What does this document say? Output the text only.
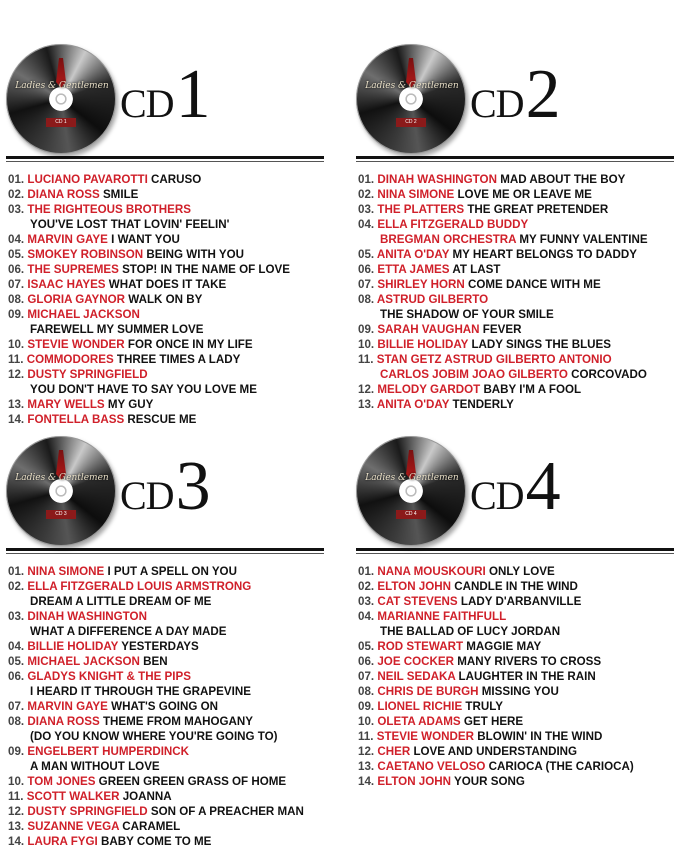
Ladies & Gentlemen
CD 1 CD1
01. LUCIANO PAVAROTTI CARUSO
02. DIANA ROSS SMILE
03. THE RIGHTEOUS BROTHERS
YOU'VE LOST THAT LOVIN' FEELIN'
04. MARVIN GAYE I WANT YOU
05. SMOKEY ROBINSON BEING WITH YOU
06. THE SUPREMES STOP! IN THE NAME OF LOVE
07. ISAAC HAYES WHAT DOES IT TAKE
08. GLORIA GAYNOR WALK ON BY
09. MICHAEL JACKSON
FAREWELL MY SUMMER LOVE
10. STEVIE WONDER FOR ONCE IN MY LIFE
11. COMMODORES THREE TIMES A LADY
12. DUSTY SPRINGFIELD
YOU DON'T HAVE TO SAY YOU LOVE ME
13. MARY WELLS MY GUY
14. FONTELLA BASS RESCUE ME
Ladies & Gentlemen
CD 2 CD2
01. DINAH WASHINGTON MAD ABOUT THE BOY
02. NINA SIMONE LOVE ME OR LEAVE ME
03. THE PLATTERS THE GREAT PRETENDER
04. ELLA FITZGERALD BUDDY
BREGMAN ORCHESTRA MY FUNNY VALENTINE
05. ANITA O'DAY MY HEART BELONGS TO DADDY
06. ETTA JAMES AT LAST
07. SHIRLEY HORN COME DANCE WITH ME
08. ASTRUD GILBERTO
THE SHADOW OF YOUR SMILE
09. SARAH VAUGHAN FEVER
10. BILLIE HOLIDAY LADY SINGS THE BLUES
11. STAN GETZ ASTRUD GILBERTO ANTONIO
CARLOS JOBIM JOAO GILBERTO CORCOVADO
12. MELODY GARDOT BABY I'M A FOOL
13. ANITA O'DAY TENDERLY
Ladies & Gentlemen
CD 3 CD3
01. NINA SIMONE I PUT A SPELL ON YOU
02. ELLA FITZGERALD LOUIS ARMSTRONG
DREAM A LITTLE DREAM OF ME
03. DINAH WASHINGTON
WHAT A DIFFERENCE A DAY MADE
04. BILLIE HOLIDAY YESTERDAYS
05. MICHAEL JACKSON BEN
06. GLADYS KNIGHT & THE PIPS
I HEARD IT THROUGH THE GRAPEVINE
07. MARVIN GAYE WHAT'S GOING ON
08. DIANA ROSS THEME FROM MAHOGANY
(DO YOU KNOW WHERE YOU'RE GOING TO)
09. ENGELBERT HUMPERDINCK
A MAN WITHOUT LOVE
10. TOM JONES GREEN GREEN GRASS OF HOME
11. SCOTT WALKER JOANNA
12. DUSTY SPRINGFIELD SON OF A PREACHER MAN
13. SUZANNE VEGA CARAMEL
14. LAURA FYGI BABY COME TO ME
Ladies & Gentlemen
CD 4 CD4
01. NANA MOUSKOURI ONLY LOVE
02. ELTON JOHN CANDLE IN THE WIND
03. CAT STEVENS LADY D'ARBANVILLE
04. MARIANNE FAITHFULL
THE BALLAD OF LUCY JORDAN
05. ROD STEWART MAGGIE MAY
06. JOE COCKER MANY RIVERS TO CROSS
07. NEIL SEDAKA LAUGHTER IN THE RAIN
08. CHRIS DE BURGH MISSING YOU
09. LIONEL RICHIE TRULY
10. OLETA ADAMS GET HERE
11. STEVIE WONDER BLOWIN' IN THE WIND
12. CHER LOVE AND UNDERSTANDING
13. CAETANO VELOSO CARIOCA (THE CARIOCA)
14. ELTON JOHN YOUR SONG
